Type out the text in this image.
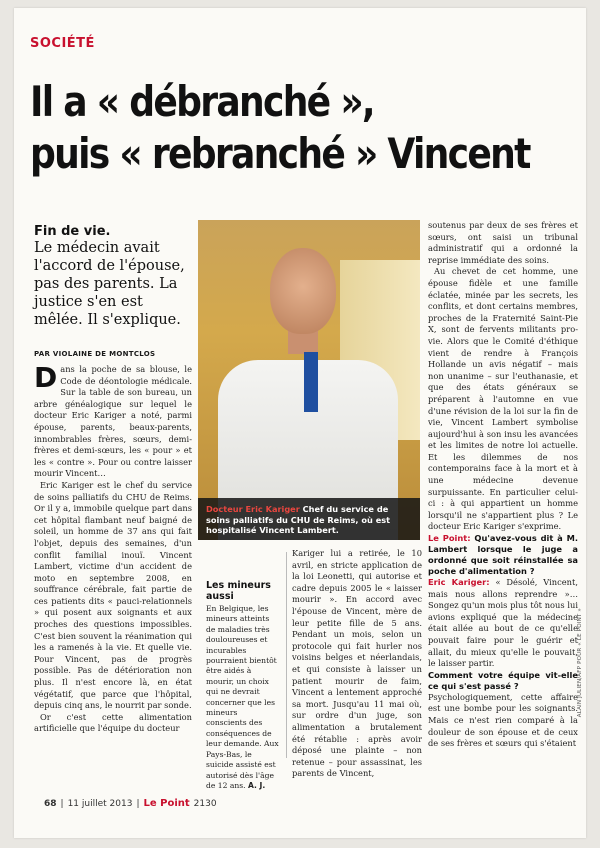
SOCIÉTÉ
Il a « débranché »,
puis « rebranché » Vincent
Fin de vie.
Le médecin avait l'accord de l'épouse, pas des parents. La justice s'en est mêlée. Il s'explique.
PAR VIOLAINE DE MONTCLOS

Dans la poche de sa blouse, le Code de déontologie médicale. Sur la table de son bureau, un arbre généalogique sur lequel le docteur Eric Kariger a noté, parmi épouse, parents, beaux-parents, innombrables frères, sœurs, demi-frères et demi-sœurs, les « pour » et les « contre ». Pour ou contre laisser mourir Vincent…

Eric Kariger est le chef du service de soins palliatifs du CHU de Reims. Or il y a, immobile quelque part dans cet hôpital flambant neuf baigné de soleil, un homme de 37 ans qui fait l'objet, depuis des semaines, d'un conflit familial inouï. Vincent Lambert, victime d'un accident de moto en septembre 2008, en souffrance cérébrale, fait partie de ces patients dits « pauci-relationnels » qui posent aux soignants et aux proches des questions impossibles. C'est bien souvent la réanimation qui les a ramenés à la vie. Et quelle vie. Pour Vincent, pas de progrès possible. Pas de détérioration non plus. Il n'est encore là, en état végétatif, que parce que l'hôpital, depuis cinq ans, le nourrit par sonde.

Or c'est cette alimentation artificielle que l'équipe du docteur

Docteur Eric Kariger Chef du service de soins palliatifs du CHU de Reims, où est hospitalisé Vincent Lambert.
Les mineurs aussi
En Belgique, les mineurs atteints de maladies très douloureuses et incurables pourraient bientôt être aidés à mourir, un choix qui ne devrait concerner que les mineurs conscients des conséquences de leur demande. Aux Pays-Bas, le suicide assisté est autorisé dès l'âge de 12 ans. A. J.

Kariger lui a retirée, le 10 avril, en stricte application de la loi Leonetti, qui autorise et cadre depuis 2005 le « laisser mourir ». En accord avec l'épouse de Vincent, mère de leur petite fille de 5 ans. Pendant un mois, selon un protocole qui fait hurler nos voisins belges et néerlandais, et qui consiste à laisser un patient mourir de faim, Vincent a lentement approché sa mort. Jusqu'au 11 mai où, sur ordre d'un juge, son alimentation a brutalement été rétablie : après avoir déposé une plainte – non retenue – pour assassinat, les parents de Vincent,

soutenus par deux de ses frères et sœurs, ont saisi un tribunal administratif qui a ordonné la reprise immédiate des soins.

Au chevet de cet homme, une épouse fidèle et une famille éclatée, minée par les secrets, les conflits, et dont certains membres, proches de la Fraternité Saint-Pie X, sont de fervents militants pro-vie. Alors que le Comité d'éthique vient de rendre à François Hollande un avis négatif – mais non unanime – sur l'euthanasie, et que des états généraux se préparent à l'automne en vue d'une révision de la loi sur la fin de vie, Vincent Lambert symbolise aujourd'hui à son insu les avancées et les limites de notre loi actuelle. Et les dilemmes de nos contemporains face à la mort et à une médecine devenue surpuissante. En particulier celui-ci : à qui appartient un homme lorsqu'il ne s'appartient plus ? Le docteur Eric Kariger s'exprime.

Le Point: Qu'avez-vous dit à M. Lambert lorsque le juge a ordonné que soit réinstallée sa poche d'alimentation ?

Eric Kariger: « Désolé, Vincent, mais nous allons reprendre »… Songez qu'un mois plus tôt nous lui avions expliqué que la médecine était allée au bout de ce qu'elle pouvait faire pour le guérir et allait, du mieux qu'elle le pouvait, le laisser partir.

Comment votre équipe vit-elle ce qui s'est passé ?

Psychologiquement, cette affaire est une bombe pour les soignants. Mais ce n'est rien comparé à la douleur de son épouse et de ceux de ses frères et sœurs qui s'étaient

ALAIN JULIEN/AFP POUR « LE POINT »
68 | 11 juillet 2013 | Le Point 2130
